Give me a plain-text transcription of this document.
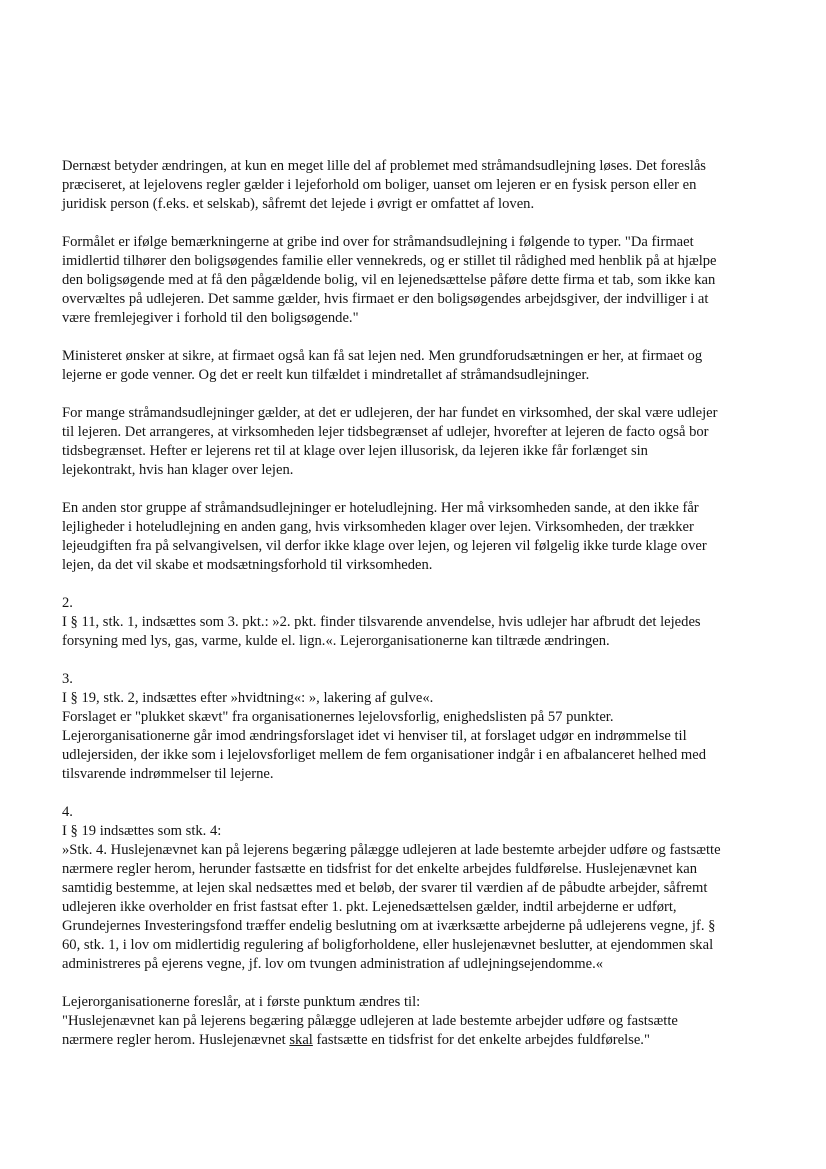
Dernæst betyder ændringen, at kun en meget lille del af problemet med stråmandsudlejning løses. Det foreslås
præciseret, at lejelovens regler gælder i lejeforhold om boliger, uanset om lejeren er en fysisk person eller en
juridisk person (f.eks. et selskab), såfremt det lejede i øvrigt er omfattet af loven.

Formålet er ifølge bemærkningerne at gribe ind over for stråmandsudlejning i følgende to typer. "Da firmaet
imidlertid tilhører den boligsøgendes familie eller vennekreds, og er stillet til rådighed med henblik på at hjælpe
den boligsøgende med at få den pågældende bolig, vil en lejenedsættelse påføre dette firma et tab, som ikke kan
overvæltes på udlejeren. Det samme gælder, hvis firmaet er den boligsøgendes arbejdsgiver, der indvilliger i at
være fremlejegiver i forhold til den boligsøgende."

Ministeret ønsker at sikre, at firmaet også kan få sat lejen ned. Men grundforudsætningen er her, at firmaet og
lejerne er gode venner. Og det er reelt kun tilfældet i mindretallet af stråmandsudlejninger.

For mange stråmandsudlejninger gælder, at det er udlejeren, der har fundet en virksomhed, der skal være udlejer
til lejeren. Det arrangeres, at virksomheden lejer tidsbegrænset af udlejer, hvorefter at lejeren de facto også bor
tidsbegrænset. Hefter er lejerens ret til at klage over lejen illusorisk, da lejeren ikke får forlænget sin
lejekontrakt, hvis han klager over lejen.

En anden stor gruppe af stråmandsudlejninger er hoteludlejning. Her må virksomheden sande, at den ikke får
lejligheder i hoteludlejning en anden gang, hvis virksomheden klager over lejen. Virksomheden, der trækker
lejeudgiften fra på selvangivelsen, vil derfor ikke klage over lejen, og lejeren vil følgelig ikke turde klage over
lejen, da det vil skabe et modsætningsforhold til virksomheden.

2.
I § 11, stk. 1, indsættes som 3. pkt.: »2. pkt. finder tilsvarende anvendelse, hvis udlejer har afbrudt det lejedes
forsyning med lys, gas, varme, kulde el. lign.«. Lejerorganisationerne kan tiltræde ændringen.

3.
I § 19, stk. 2, indsættes efter »hvidtning«: », lakering af gulve«.
Forslaget er "plukket skævt" fra organisationernes lejelovsforlig, enighedslisten på 57 punkter.
Lejerorganisationerne går imod ændringsforslaget idet vi henviser til, at forslaget udgør en indrømmelse til
udlejersiden, der ikke som i lejelovsforliget mellem de fem organisationer indgår i en afbalanceret helhed med
tilsvarende indrømmelser til lejerne.

4.
I § 19 indsættes som stk. 4:
»Stk. 4. Huslejenævnet kan på lejerens begæring pålægge udlejeren at lade bestemte arbejder udføre og fastsætte
nærmere regler herom, herunder fastsætte en tidsfrist for det enkelte arbejdes fuldførelse. Huslejenævnet kan
samtidig bestemme, at lejen skal nedsættes med et beløb, der svarer til værdien af de påbudte arbejder, såfremt
udlejeren ikke overholder en frist fastsat efter 1. pkt. Lejenedsættelsen gælder, indtil arbejderne er udført,
Grundejernes Investeringsfond træffer endelig beslutning om at iværksætte arbejderne på udlejerens vegne, jf. §
60, stk. 1, i lov om midlertidig regulering af boligforholdene, eller huslejenævnet beslutter, at ejendommen skal
administreres på ejerens vegne, jf. lov om tvungen administration af udlejningsejendomme.«

Lejerorganisationerne foreslår, at i første punktum ændres til:
"Huslejenævnet kan på lejerens begæring pålægge udlejeren at lade bestemte arbejder udføre og fastsætte
nærmere regler herom. Huslejenævnet skal fastsætte en tidsfrist for det enkelte arbejdes fuldførelse."
